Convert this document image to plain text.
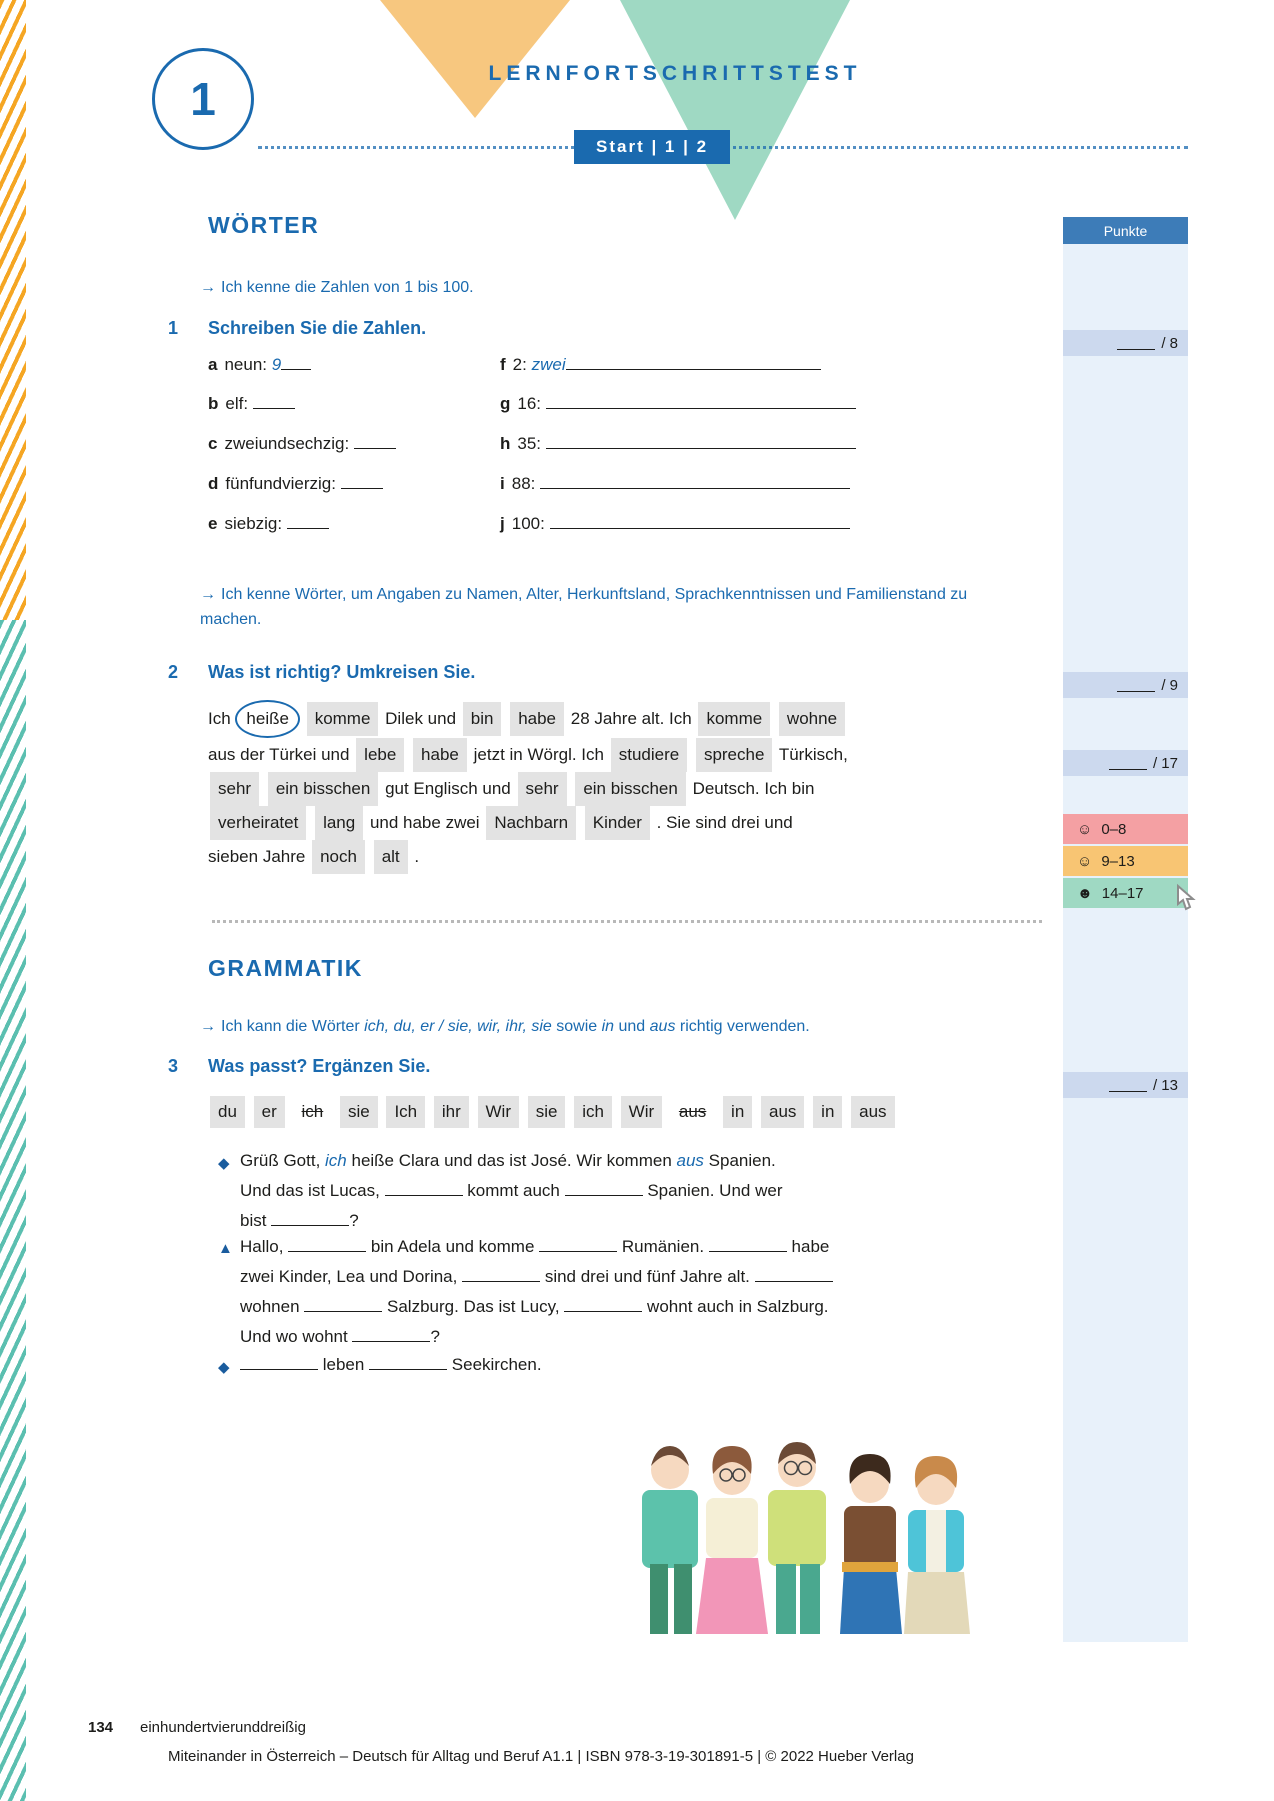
1	LERNFORTSCHRITTSTEST
Start | 1 | 2
Punkte
/ 8
/ 9
/ 17
☺ 0–8
☺ 9–13
☻ 14–17
/ 13
WÖRTER
→ Ich kenne die Zahlen von 1 bis 100.
1 Schreiben Sie die Zahlen.
a neun: 9
b elf:
c zweiundsechzig:
d fünfundvierzig:
e siebzig:
f 2: zwei
g 16:
h 35:
i 88:
j 100:
→ Ich kenne Wörter, um Angaben zu Namen, Alter, Herkunftsland, Sprachkenntnissen und Familienstand zu machen.
2 Was ist richtig? Umkreisen Sie.
Ich heiße komme Dilek und bin habe 28 Jahre alt. Ich komme wohne
aus der Türkei und lebe habe jetzt in Wörgl. Ich studiere spreche Türkisch,
sehr ein bisschen gut Englisch und sehr ein bisschen Deutsch. Ich bin
verheiratet lang und habe zwei Nachbarn Kinder . Sie sind drei und
sieben Jahre noch alt .
GRAMMATIK
→ Ich kann die Wörter ich, du, er / sie, wir, ihr, sie sowie in und aus richtig verwenden.
3 Was passt? Ergänzen Sie.
du er ich sie Ich ihr Wir sie ich Wir aus in aus in aus
◆ Grüß Gott, ich heiße Clara und das ist José. Wir kommen aus Spanien.
Und das ist Lucas,	kommt auch	Spanien. Und wer
bist	?
▲ Hallo,	bin Adela und komme	Rumänien.	habe
zwei Kinder, Lea und Dorina,	sind drei und fünf Jahre alt.
wohnen	Salzburg. Das ist Lucy,	wohnt auch in Salzburg.
Und wo wohnt	?
◆	leben	Seekirchen.
134 einhundertvierunddreißig
Miteinander in Österreich – Deutsch für Alltag und Beruf A1.1 | ISBN 978-3-19-301891-5 | © 2022 Hueber Verlag
